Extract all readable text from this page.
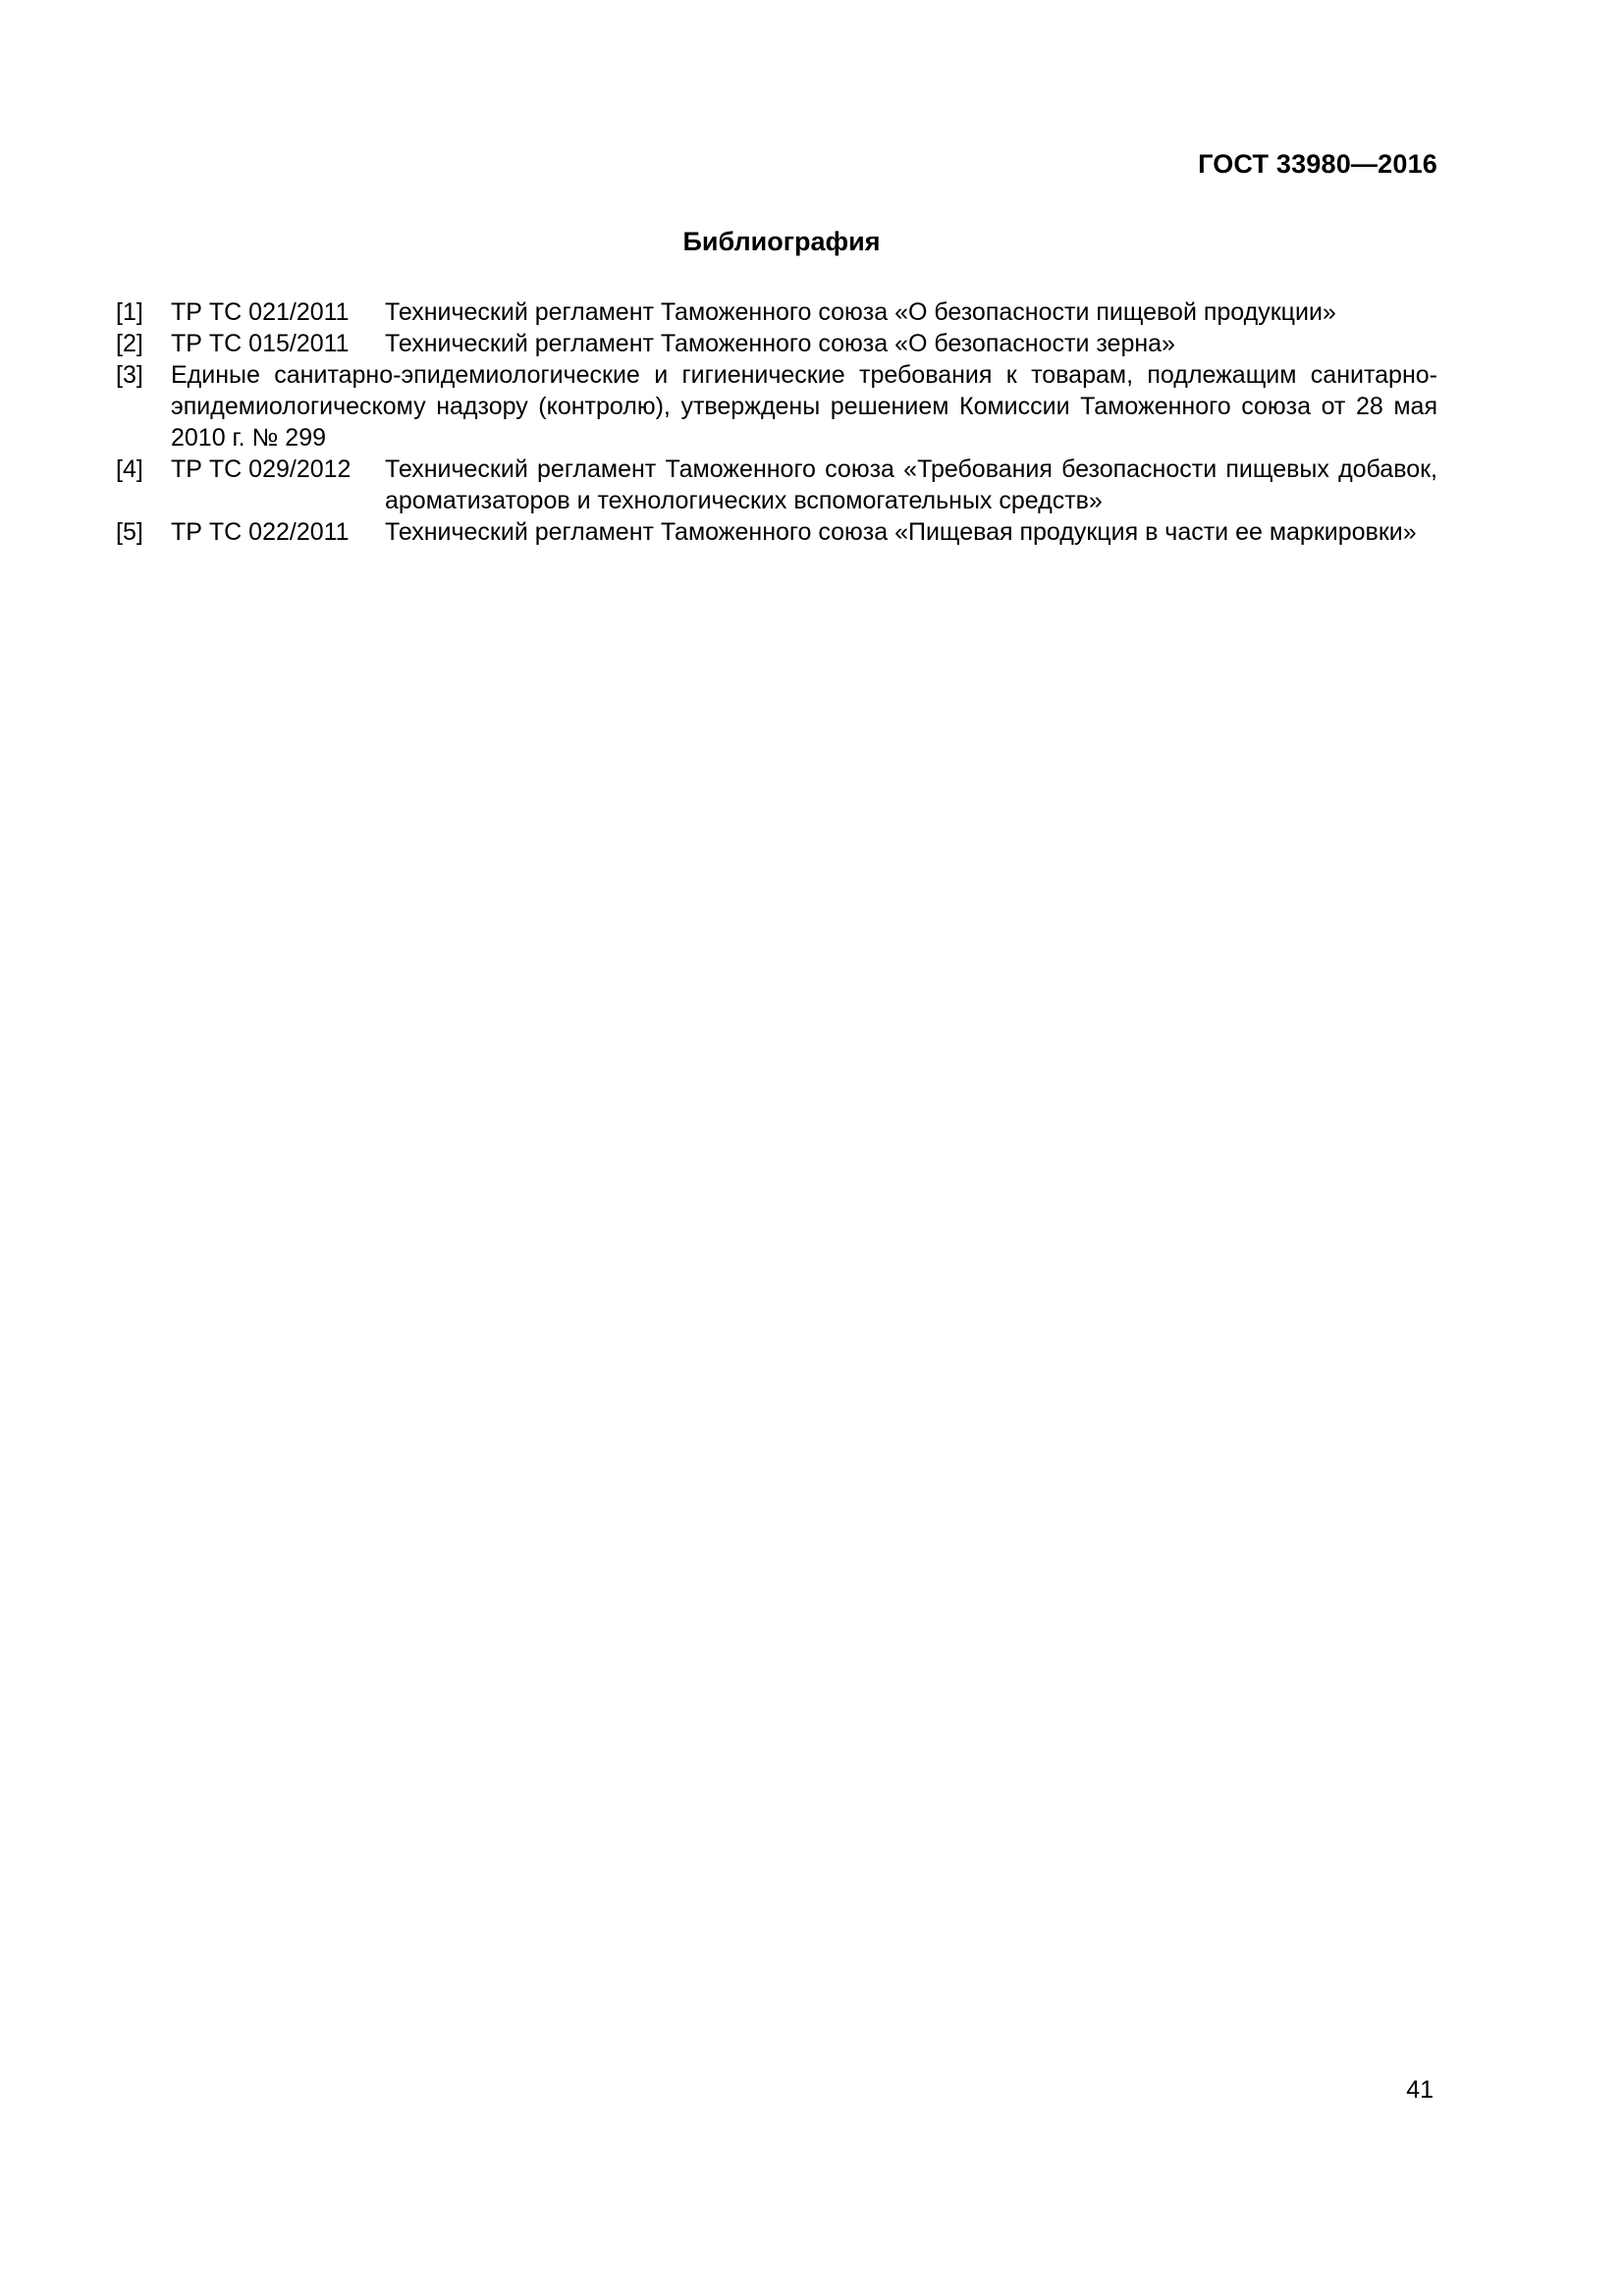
ГОСТ 33980—2016
Библиография
[1]	ТР ТС 021/2011	Технический регламент Таможенного союза «О безопасности пищевой продукции»
[2]	ТР ТС 015/2011	Технический регламент Таможенного союза «О безопасности зерна»
[3]	Единые санитарно-эпидемиологические и гигиенические требования к товарам, подлежащим санитарно-эпидемиологическому надзору (контролю), утверждены решением Комиссии Таможенного союза от 28 мая 2010 г. № 299
[4]	ТР ТС 029/2012	Технический регламент Таможенного союза «Требования безопасности пищевых добавок, ароматизаторов и технологических вспомогательных средств»
[5]	ТР ТС 022/2011	Технический регламент Таможенного союза «Пищевая продукция в части ее маркировки»
41
